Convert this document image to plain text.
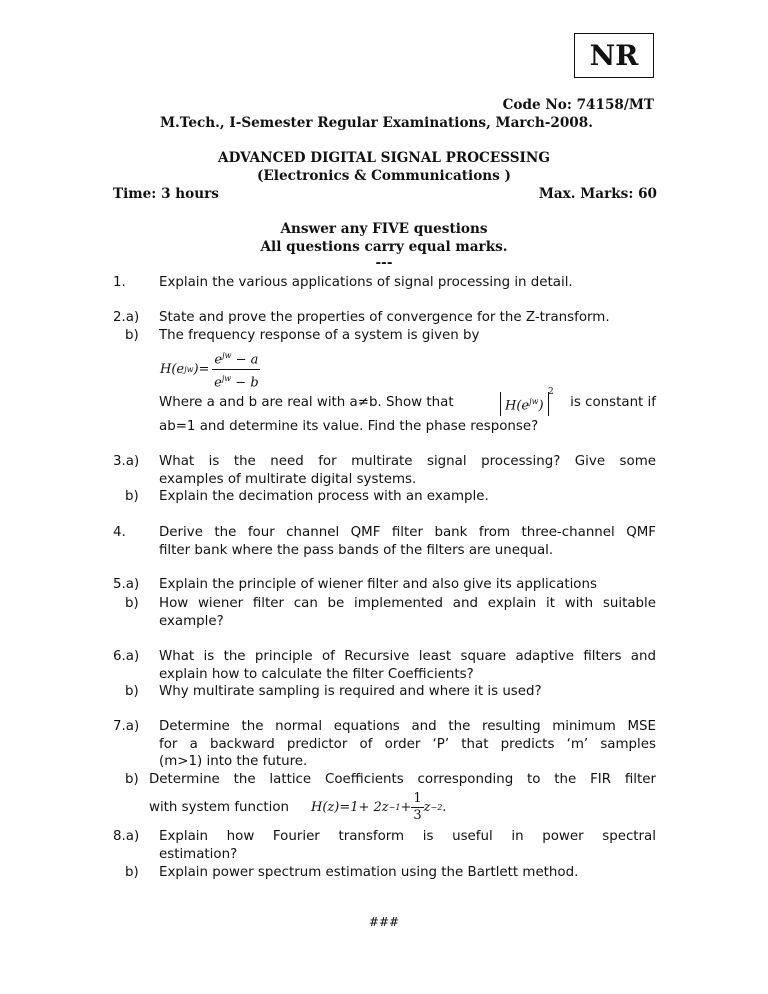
NR
Code No: 74158/MT
M.Tech., I-Semester Regular Examinations, March-2008.
ADVANCED DIGITAL SIGNAL PROCESSING
(Electronics & Communications )
Time: 3 hours	Max. Marks: 60
Answer any FIVE questions
All questions carry equal marks.
---
1.	Explain the various applications of signal processing in detail.
2.a)	State and prove the properties of convergence for the Z-transform.
b)	The frequency response of a system is given by
H(e jw )= $\frac{e^{jw} - a}{e^{jw} - b}$
Where a and b are real with a≠b. Show that	$H(e^{jw})$
2
is constant if
ab=1 and determine its value. Find the phase response?
3.a)	What is the need for multirate signal processing? Give some
examples of multirate digital systems.
b)	Explain the decimation process with an example.
4.	Derive the four channel QMF filter bank from three-channel QMF
filter bank where the pass bands of the filters are unequal.
5.a)	Explain the principle of wiener filter and also give its applications
b)	How wiener filter can be implemented and explain it with suitable
example?
6.a)	What is the principle of Recursive least square adaptive filters and
explain how to calculate the filter Coefficients?
b)	Why multirate sampling is required and where it is used?
7.a)	Determine the normal equations and the resulting minimum MSE
for a backward predictor of order ‘P’ that predicts ‘m’ samples
(m>1) into the future.
b) Determine the lattice Coefficients corresponding to the FIR filter
with system function $H(z)=1+ 2z -1 + \frac{1}{3}$ z −2 .
8.a)	Explain how Fourier transform is useful in power spectral
estimation?
b)	Explain power spectrum estimation using the Bartlett method.
###
